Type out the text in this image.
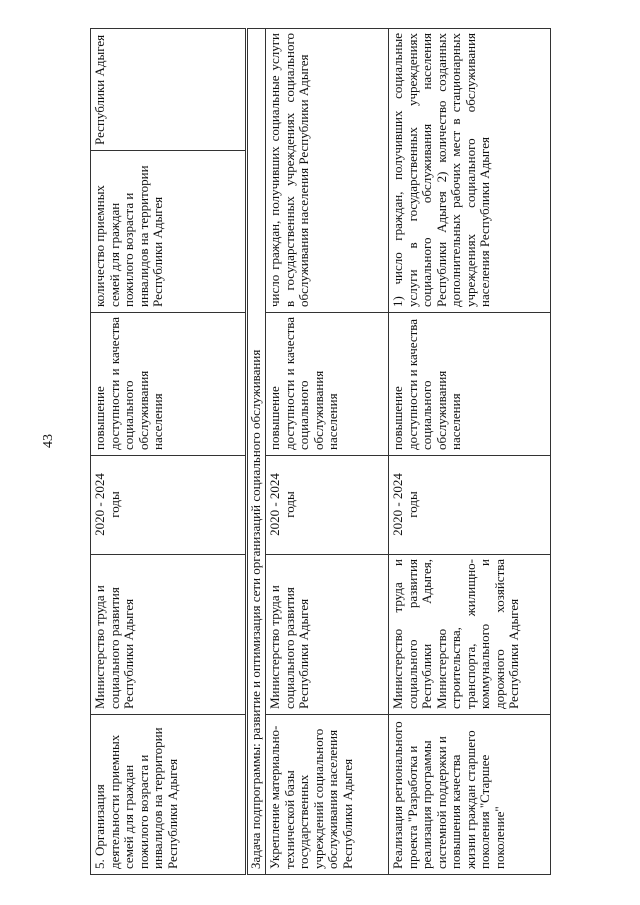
43
5. Организация деятельности приемных семей для граждан пожилого возраста и инвалидов на территории Республики Адыгея	Министерство труда и социального развития Республики Адыгея	2020 - 2024 годы	повышение доступности и качества социального обслуживания населения	количество приемных семей для граждан пожилого возраста и инвалидов на территории Республики Адыгея	Республики Адыгея
Задача подпрограммы: развитие и оптимизация сети организаций социального обслуживания					
Укрепление материально-технической базы государственных учреждений социального обслуживания населения Республики Адыгея	Министерство труда и социального развития Республики Адыгея	2020 - 2024 годы	повышение доступности и качества социального обслуживания населения	число граждан, получивших социальные услуги в государственных учреждениях социального обслуживания населения Республики Адыгея	
Реализация регионального проекта "Разработка и реализация программы системной поддержки и повышения качества жизни граждан старшего поколения "Старшее поколение"	Министерство труда и социального развития Республики Адыгея, Министерство строительства, транспорта, жилищно-коммунального и дорожного хозяйства Республики Адыгея	2020 - 2024 годы	повышение доступности и качества социального обслуживания населения	1) число граждан, получивших социальные услуги в государственных учреждениях социального обслуживания населения Республики Адыгея 2) количество созданных дополнительных рабочих мест в стационарных учреждениях социального обслуживания населения Республики Адыгея	
